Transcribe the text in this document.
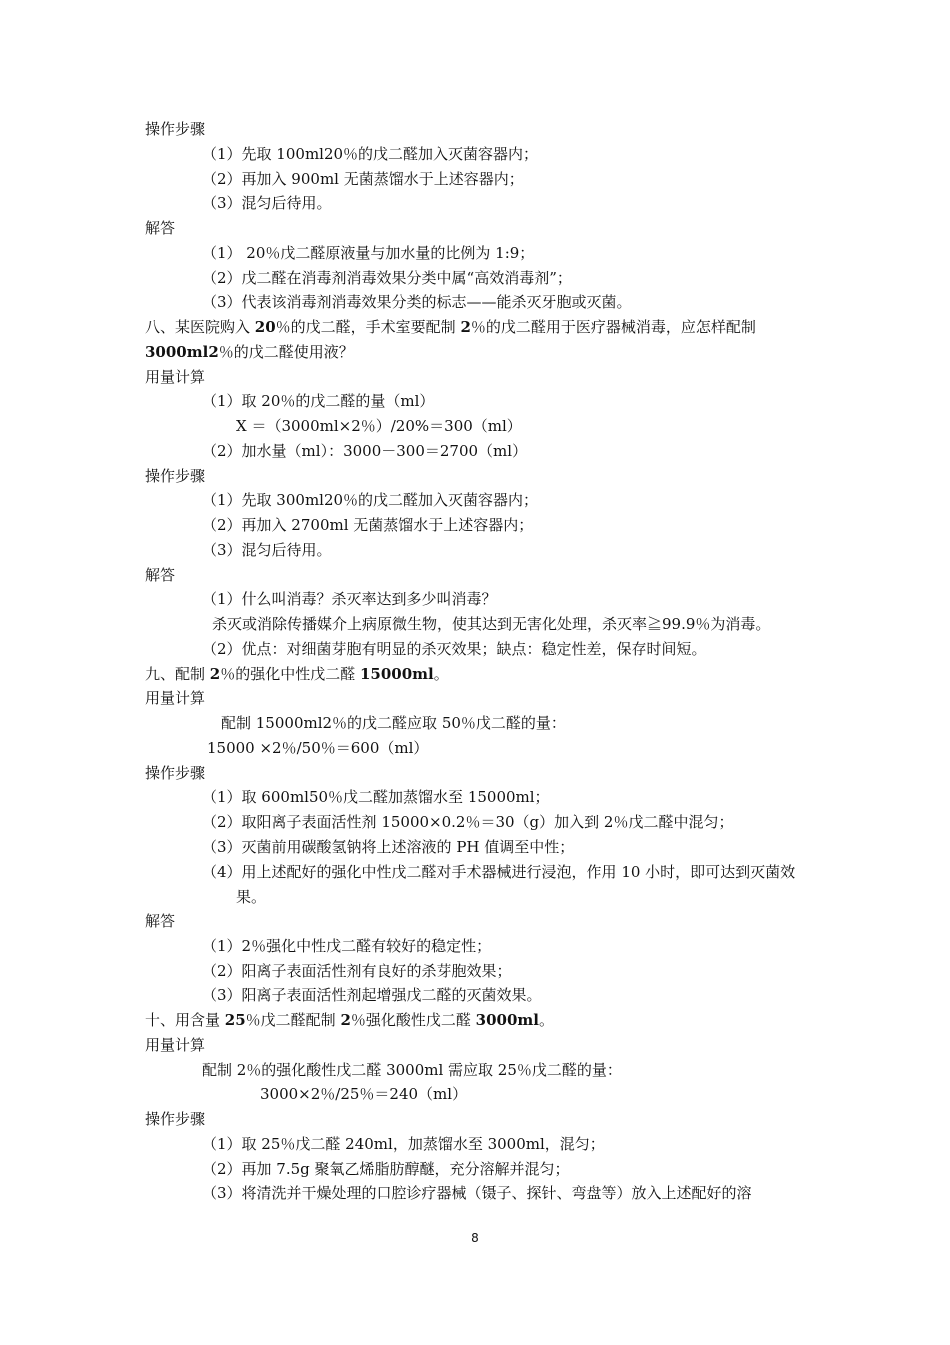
操作步骤
（1）先取 100ml20％的戊二醛加入灭菌容器内；
（2）再加入 900ml 无菌蒸馏水于上述容器内；
（3）混匀后待用。
解答
（1） 20％戊二醛原液量与加水量的比例为 1:9；
（2）戊二醛在消毒剂消毒效果分类中属“高效消毒剂”；
（3）代表该消毒剂消毒效果分类的标志——能杀灭牙胞或灭菌。
八、某医院购入 20％的戊二醛，手术室要配制 2％的戊二醛用于医疗器械消毒，应怎样配制 3000ml2％的戊二醛使用液？
用量计算
（1）取 20％的戊二醛的量（ml）
X ＝（3000ml×2％）/20%＝300（ml）
（2）加水量（ml）：3000－300＝2700（ml）
操作步骤
（1）先取 300ml20％的戊二醛加入灭菌容器内；
（2）再加入 2700ml 无菌蒸馏水于上述容器内；
（3）混匀后待用。
解答
（1）什么叫消毒？杀灭率达到多少叫消毒？
杀灭或消除传播媒介上病原微生物，使其达到无害化处理，杀灭率≧99.9％为消毒。
（2）优点：对细菌芽胞有明显的杀灭效果；缺点：稳定性差，保存时间短。
九、配制 2％的强化中性戊二醛 15000ml。
用量计算
配制 15000ml2％的戊二醛应取 50％戊二醛的量：
15000 ×2％/50％＝600（ml）
操作步骤
（1）取 600ml50％戊二醛加蒸馏水至 15000ml；
（2）取阳离子表面活性剂 15000×0.2％＝30（g）加入到 2％戊二醛中混匀；
（3）灭菌前用碳酸氢钠将上述溶液的 PH 值调至中性；
（4）用上述配好的强化中性戊二醛对手术器械进行浸泡，作用 10 小时，即可达到灭菌效果。
解答
（1）2％强化中性戊二醛有较好的稳定性；
（2）阳离子表面活性剂有良好的杀芽胞效果；
（3）阳离子表面活性剂起增强戊二醛的灭菌效果。
十、用含量 25％戊二醛配制 2％强化酸性戊二醛 3000ml。
用量计算
配制 2％的强化酸性戊二醛 3000ml 需应取 25％戊二醛的量：
3000×2％/25％＝240（ml）
操作步骤
（1）取 25％戊二醛 240ml，加蒸馏水至 3000ml，混匀；
（2）再加 7.5g 聚氧乙烯脂肪醇醚，充分溶解并混匀；
（3）将清洗并干燥处理的口腔诊疗器械（镊子、探针、弯盘等）放入上述配好的溶
8
